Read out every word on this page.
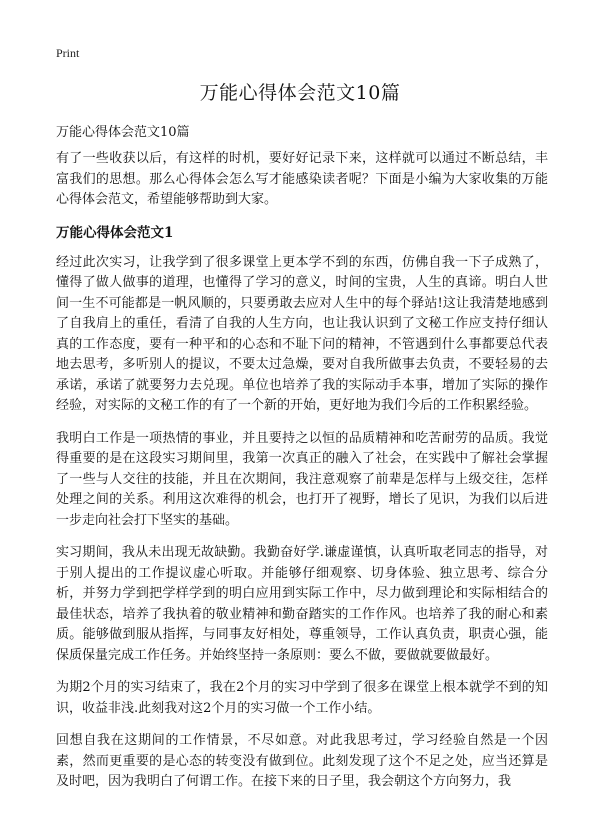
Print
万能心得体会范文10篇
万能心得体会范文10篇

有了一些收获以后，有这样的时机，要好好记录下来，这样就可以通过不断总结，丰富我们的思想。那么心得体会怎么写才能感染读者呢？下面是小编为大家收集的万能心得体会范文，希望能够帮助到大家。

万能心得体会范文1

经过此次实习，让我学到了很多课堂上更本学不到的东西，仿佛自我一下子成熟了，懂得了做人做事的道理，也懂得了学习的意义，时间的宝贵，人生的真谛。明白人世间一生不可能都是一帆风顺的，只要勇敢去应对人生中的每个驿站!这让我清楚地感到了自我肩上的重任，看清了自我的人生方向，也让我认识到了文秘工作应支持仔细认真的工作态度，要有一种平和的心态和不耻下问的精神，不管遇到什么事都要总代表地去思考，多听别人的提议，不要太过急燥，要对自我所做事去负责，不要轻易的去承诺，承诺了就要努力去兑现。单位也培养了我的实际动手本事，增加了实际的操作经验，对实际的文秘工作的有了一个新的开始，更好地为我们今后的工作积累经验。

我明白工作是一项热情的事业，并且要持之以恒的品质精神和吃苦耐劳的品质。我觉得重要的是在这段实习期间里，我第一次真正的融入了社会，在实践中了解社会掌握了一些与人交往的技能，并且在次期间，我注意观察了前辈是怎样与上级交往，怎样处理之间的关系。利用这次难得的机会，也打开了视野，增长了见识，为我们以后进一步走向社会打下坚实的基础。

实习期间，我从未出现无故缺勤。我勤奋好学.谦虚谨慎，认真听取老同志的指导，对于别人提出的工作提议虚心听取。并能够仔细观察、切身体验、独立思考、综合分析，并努力学到把学样学到的明白应用到实际工作中，尽力做到理论和实际相结合的最佳状态，培养了我执着的敬业精神和勤奋踏实的工作作风。也培养了我的耐心和素质。能够做到服从指挥，与同事友好相处，尊重领导，工作认真负责，职责心强，能保质保量完成工作任务。并始终坚持一条原则：要么不做，要做就要做最好。

为期2个月的实习结束了，我在2个月的实习中学到了很多在课堂上根本就学不到的知识，收益非浅.此刻我对这2个月的实习做一个工作小结。

回想自我在这期间的工作情景，不尽如意。对此我思考过，学习经验自然是一个因素，然而更重要的是心态的转变没有做到位。此刻发现了这个不足之处，应当还算是及时吧，因为我明白了何谓工作。在接下来的日子里，我会朝这个方向努力，我
